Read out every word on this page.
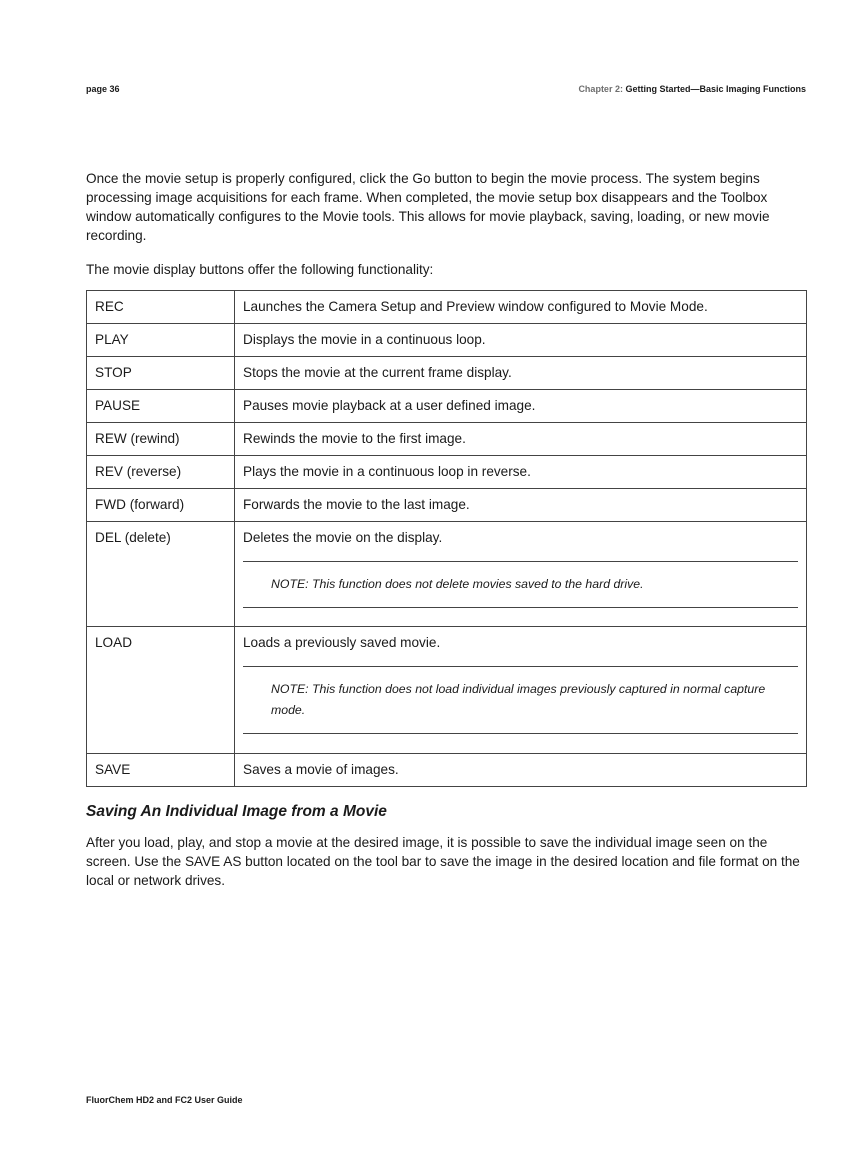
page 36	Chapter 2: Getting Started—Basic Imaging Functions

Once the movie setup is properly configured, click the Go button to begin the movie process. The system begins processing image acquisitions for each frame. When completed, the movie setup box disappears and the Toolbox window automatically configures to the Movie tools. This allows for movie playback, saving, loading, or new movie recording.

The movie display buttons offer the following functionality:

REC	Launches the Camera Setup and Preview window configured to Movie Mode.
PLAY	Displays the movie in a continuous loop.
STOP	Stops the movie at the current frame display.
PAUSE	Pauses movie playback at a user defined image.
REW (rewind)	Rewinds the movie to the first image.
REV (reverse)	Plays the movie in a continuous loop in reverse.
FWD (forward)	Forwards the movie to the last image.
DEL (delete)	Deletes the movie on the display.
NOTE: This function does not delete movies saved to the hard drive.

LOAD	Loads a previously saved movie.
NOTE: This function does not load individual images previously captured in normal capture mode.

SAVE	Saves a movie of images.
Saving An Individual Image from a Movie

After you load, play, and stop a movie at the desired image, it is possible to save the individual image seen on the screen. Use the SAVE AS button located on the tool bar to save the image in the desired location and file format on the local or network drives.

FluorChem HD2 and FC2 User Guide
